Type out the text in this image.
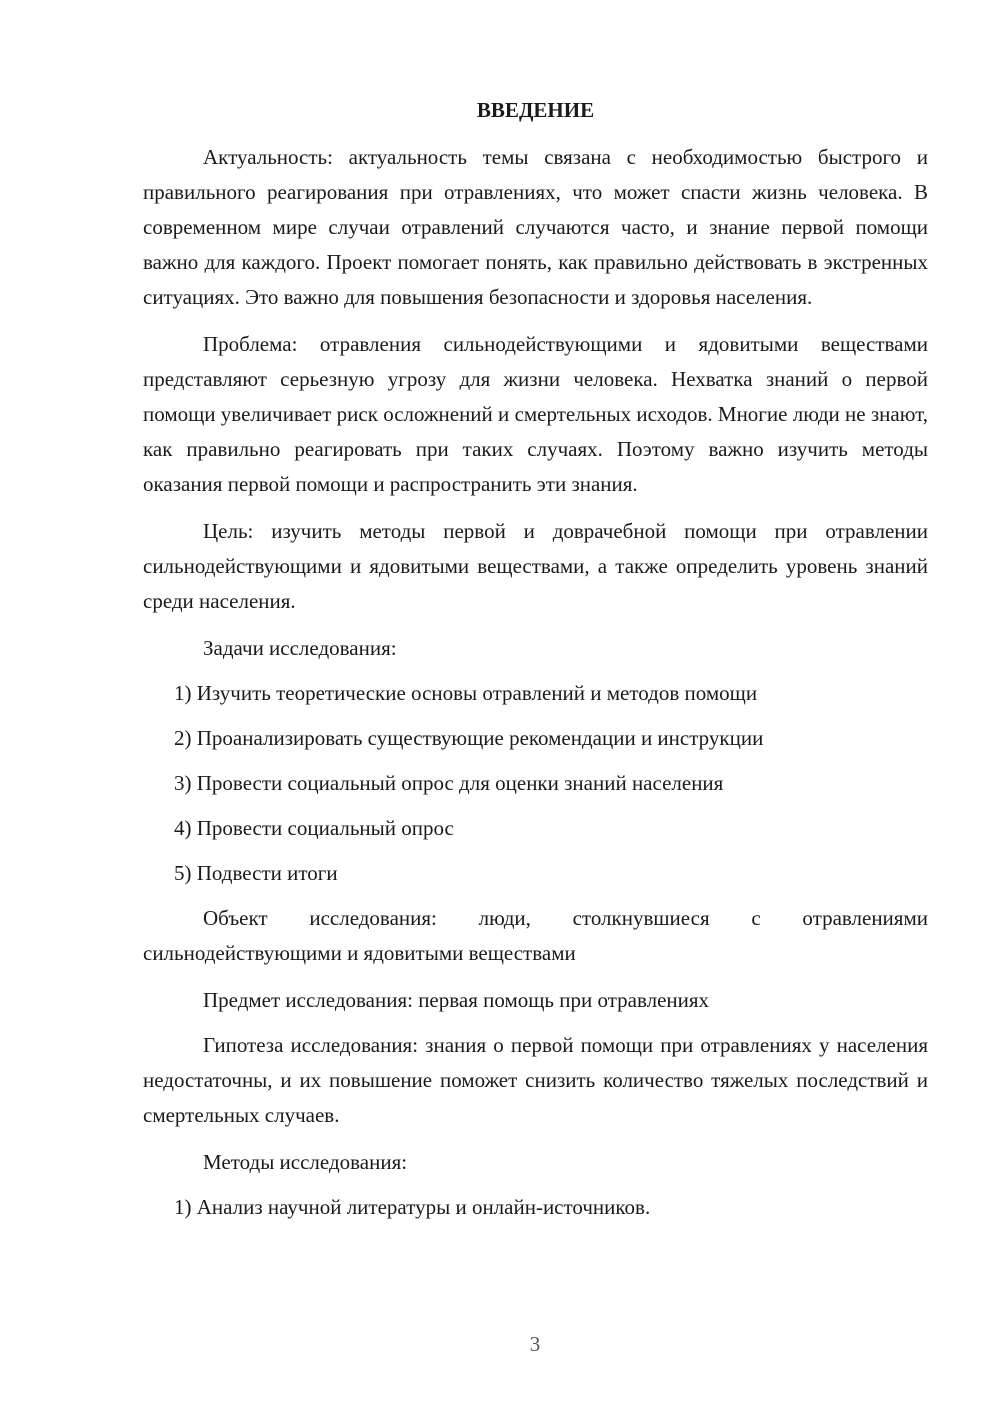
ВВЕДЕНИЕ

Актуальность: актуальность темы связана с необходимостью быстрого и правильного реагирования при отравлениях, что может спасти жизнь человека. В современном мире случаи отравлений случаются часто, и знание первой помощи важно для каждого. Проект помогает понять, как правильно действовать в экстренных ситуациях. Это важно для повышения безопасности и здоровья населения.

Проблема: отравления сильнодействующими и ядовитыми веществами представляют серьезную угрозу для жизни человека. Нехватка знаний о первой помощи увеличивает риск осложнений и смертельных исходов. Многие люди не знают, как правильно реагировать при таких случаях. Поэтому важно изучить методы оказания первой помощи и распространить эти знания.

Цель: изучить методы первой и доврачебной помощи при отравлении сильнодействующими и ядовитыми веществами, а также определить уровень знаний среди населения.

Задачи исследования:

1) Изучить теоретические основы отравлений и методов помощи
2) Проанализировать существующие рекомендации и инструкции
3) Провести социальный опрос для оценки знаний населения
4) Провести социальный опрос
5) Подвести итоги

Объект исследования: люди, столкнувшиеся с отравлениями сильнодействующими и ядовитыми веществами

Предмет исследования: первая помощь при отравлениях

Гипотеза исследования: знания о первой помощи при отравлениях у населения недостаточны, и их повышение поможет снизить количество тяжелых последствий и смертельных случаев.

Методы исследования:

1) Анализ научной литературы и онлайн-источников.
3
